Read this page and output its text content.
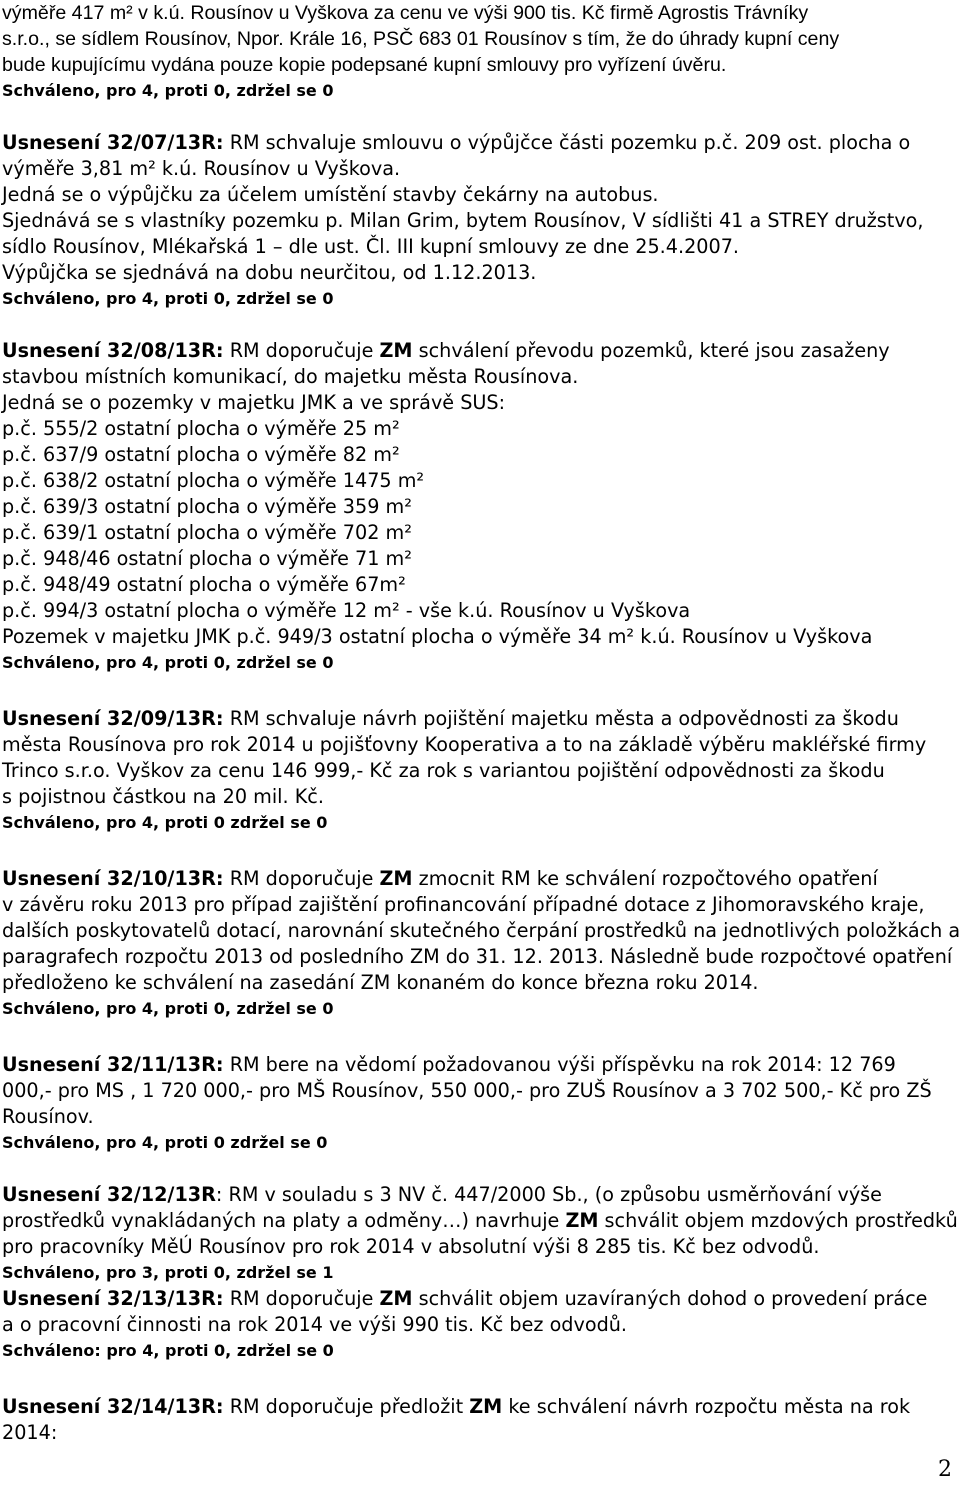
výměře 417 m² v k.ú. Rousínov u Vyškova za cenu ve výši 900 tis. Kč firmě Agrostis Trávníky

s.r.o., se sídlem Rousínov, Npor. Krále 16, PSČ 683 01 Rousínov s tím, že do úhrady kupní ceny

bude kupujícímu vydána pouze kopie podepsané kupní smlouvy pro vyřízení úvěru.

Schváleno, pro 4, proti 0, zdržel se 0

Usnesení 32/07/13R: RM schvaluje smlouvu o výpůjčce části pozemku p.č. 209 ost. plocha o

výměře 3,81 m² k.ú. Rousínov u Vyškova.

Jedná se o výpůjčku za účelem umístění stavby čekárny na autobus.

Sjednává se s vlastníky pozemku p. Milan Grim, bytem Rousínov, V sídlišti 41 a STREY družstvo,

sídlo Rousínov, Mlékařská 1 – dle ust. Čl. III kupní smlouvy ze dne 25.4.2007.

Výpůjčka se sjednává na dobu neurčitou, od 1.12.2013.

Schváleno, pro 4, proti 0, zdržel se 0

Usnesení 32/08/13R: RM doporučuje ZM schválení převodu pozemků, které jsou zasaženy

stavbou místních komunikací, do majetku města Rousínova.

Jedná se o pozemky v majetku JMK a ve správě SUS:

p.č. 555/2 ostatní plocha o výměře 25 m²

p.č. 637/9 ostatní plocha o výměře 82 m²

p.č. 638/2 ostatní plocha o výměře 1475 m²

p.č. 639/3 ostatní plocha o výměře 359 m²

p.č. 639/1 ostatní plocha o výměře 702 m²

p.č. 948/46 ostatní plocha o výměře 71 m²

p.č. 948/49 ostatní plocha o výměře 67m²

p.č. 994/3 ostatní plocha o výměře 12 m² - vše k.ú. Rousínov u Vyškova

Pozemek v majetku JMK p.č. 949/3 ostatní plocha o výměře 34 m² k.ú. Rousínov u Vyškova

Schváleno, pro 4, proti 0, zdržel se 0

Usnesení 32/09/13R: RM schvaluje návrh pojištění majetku města a odpovědnosti za škodu

města Rousínova pro rok 2014 u pojišťovny Kooperativa a to na základě výběru makléřské firmy

Trinco s.r.o. Vyškov za cenu 146 999,- Kč za rok s variantou pojištění odpovědnosti za škodu

s pojistnou částkou na 20 mil. Kč.

Schváleno, pro 4, proti 0 zdržel se 0

Usnesení 32/10/13R: RM doporučuje ZM zmocnit RM ke schválení rozpočtového opatření

v závěru roku 2013 pro případ zajištění profinancování případné dotace z Jihomoravského kraje,

dalších poskytovatelů dotací, narovnání skutečného čerpání prostředků na jednotlivých položkách a

paragrafech rozpočtu 2013 od posledního ZM do 31. 12. 2013. Následně bude rozpočtové opatření

předloženo ke schválení na zasedání ZM konaném do konce března roku 2014.

Schváleno, pro 4, proti 0, zdržel se 0

Usnesení 32/11/13R: RM bere na vědomí požadovanou výši příspěvku na rok 2014: 12 769

000,- pro MS , 1 720 000,- pro MŠ Rousínov, 550 000,- pro ZUŠ Rousínov a 3 702 500,- Kč pro ZŠ

Rousínov.

Schváleno, pro 4, proti 0 zdržel se 0

Usnesení 32/12/13R: RM v souladu s 3 NV č. 447/2000 Sb., (o způsobu usměrňování výše

prostředků vynakládaných na platy a odměny…) navrhuje ZM schválit objem mzdových prostředků

pro pracovníky MěÚ Rousínov pro rok 2014 v absolutní výši 8 285 tis. Kč bez odvodů.

Schváleno, pro 3, proti 0, zdržel se 1

Usnesení 32/13/13R: RM doporučuje ZM schválit objem uzavíraných dohod o provedení práce

a o pracovní činnosti na rok 2014 ve výši 990 tis. Kč bez odvodů.

Schváleno: pro 4, proti 0, zdržel se 0

Usnesení 32/14/13R: RM doporučuje předložit ZM ke schválení návrh rozpočtu města na rok

2014:

2
